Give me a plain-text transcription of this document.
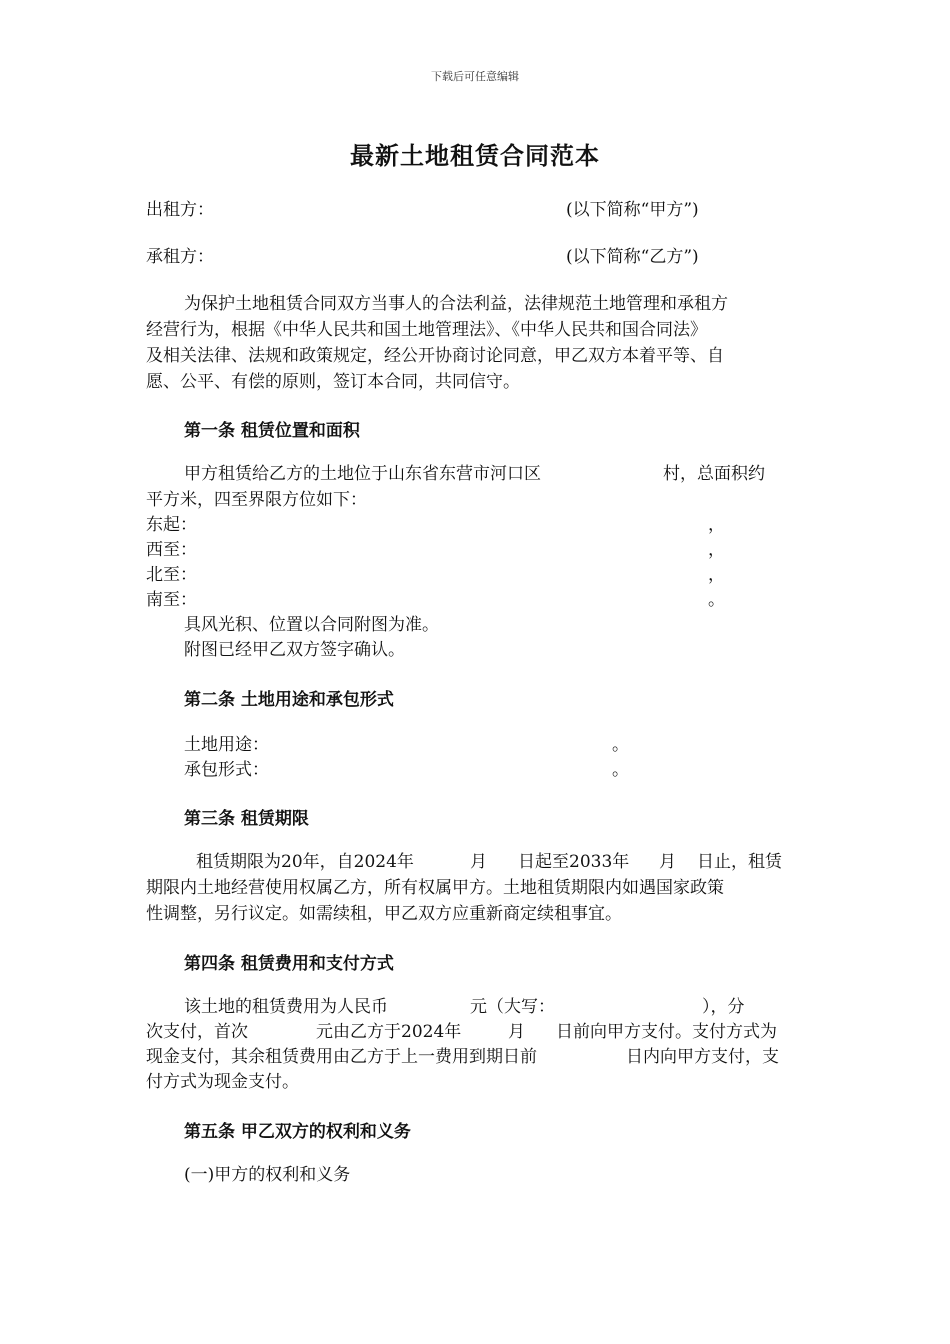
下载后可任意编辑
最新土地租赁合同范本
出租方：	(以下简称“甲方”)
承租方：	(以下简称“乙方”)
为保护土地租赁合同双方当事人的合法利益，法律规范土地管理和承租方
经营行为，根据《中华人民共和国土地管理法》、《中华人民共和国合同法》
及相关法律、法规和政策规定，经公开协商讨论同意，甲乙双方本着平等、自
愿、公平、有偿的原则，签订本合同，共同信守。
第一条 租赁位置和面积
甲方租赁给乙方的土地位于山东省东营市河口区	村，总面积约
平方米，四至界限方位如下：
东起：	，
西至：	，
北至：	，
南至：	。
具风光积、位置以合同附图为准。
附图已经甲乙双方签字确认。
第二条 土地用途和承包形式
土地用途：	。
承包形式：	。
第三条 租赁期限
租赁期限为20年，自2024年	月 日起至2033年 月 日止，租赁
期限内土地经营使用权属乙方，所有权属甲方。土地租赁期限内如遇国家政策
性调整，另行议定。如需续租，甲乙双方应重新商定续租事宜。
第四条 租赁费用和支付方式
该土地的租赁费用为人民币	元（大写：	），分
次支付，首次	元由乙方于2024年	月 日前向甲方支付。支付方式为
现金支付，其余租赁费用由乙方于上一费用到期日前	日内向甲方支付，支
付方式为现金支付。
第五条 甲乙双方的权利和义务
(一)甲方的权利和义务
